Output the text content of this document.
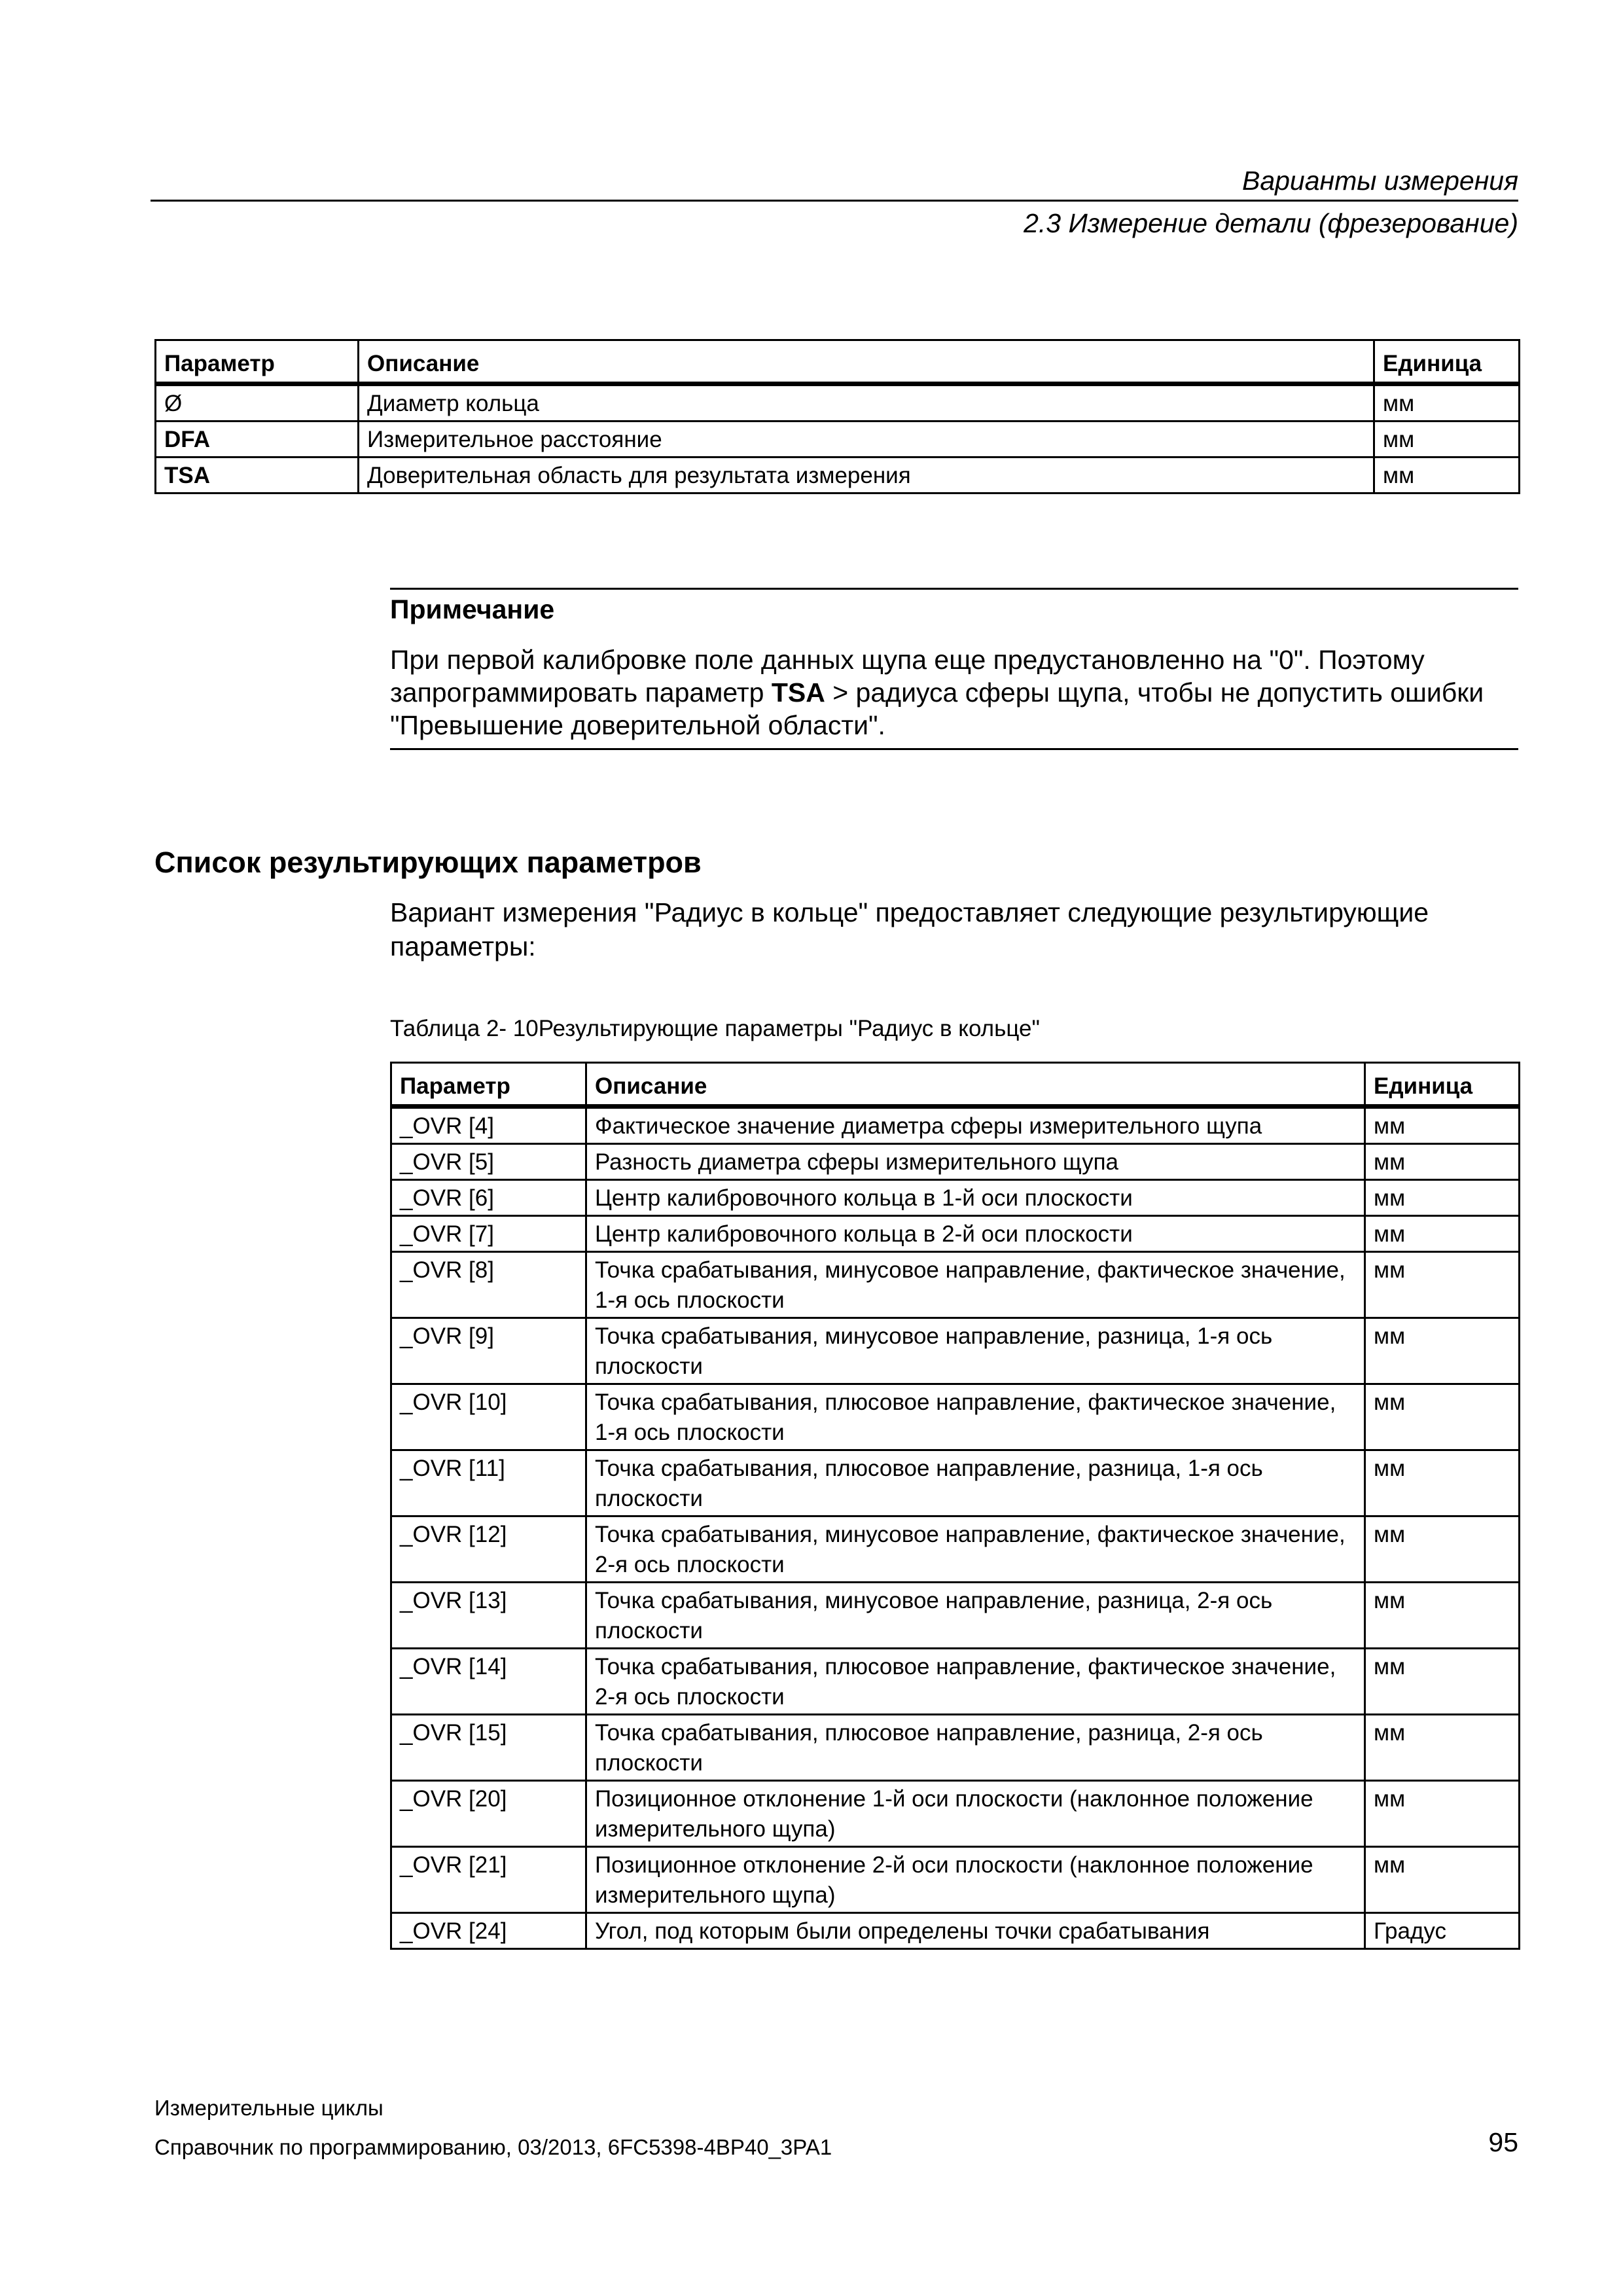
Варианты измерения
2.3 Измерение детали (фрезерование)
Параметр	Описание	Единица
Ø	Диаметр кольца	мм
DFA	Измерительное расстояние	мм
TSA	Доверительная область для результата измерения	мм
Примечание
При первой калибровке поле данных щупа еще предустановленно на "0". Поэтому запрограммировать параметр TSA > радиуса сферы щупа, чтобы не допустить ошибки "Превышение доверительной области".
Список результирующих параметров
Вариант измерения "Радиус в кольце" предоставляет следующие результирующие параметры:
Таблица 2- 10Результирующие параметры "Радиус в кольце"
Параметр	Описание	Единица
_OVR [4]	Фактическое значение диаметра сферы измерительного щупа	мм
_OVR [5]	Разность диаметра сферы измерительного щупа	мм
_OVR [6]	Центр калибровочного кольца в 1-й оси плоскости	мм
_OVR [7]	Центр калибровочного кольца в 2-й оси плоскости	мм
_OVR [8]	Точка срабатывания, минусовое направление, фактическое значение, 1-я ось плоскости	мм
_OVR [9]	Точка срабатывания, минусовое направление, разница, 1-я ось плоскости	мм
_OVR [10]	Точка срабатывания, плюсовое направление, фактическое значение, 1-я ось плоскости	мм
_OVR [11]	Точка срабатывания, плюсовое направление, разница, 1-я ось плоскости	мм
_OVR [12]	Точка срабатывания, минусовое направление, фактическое значение, 2-я ось плоскости	мм
_OVR [13]	Точка срабатывания, минусовое направление, разница, 2-я ось плоскости	мм
_OVR [14]	Точка срабатывания, плюсовое направление, фактическое значение, 2-я ось плоскости	мм
_OVR [15]	Точка срабатывания, плюсовое направление, разница, 2-я ось плоскости	мм
_OVR [20]	Позиционное отклонение 1-й оси плоскости (наклонное положение измерительного щупа)	мм
_OVR [21]	Позиционное отклонение 2-й оси плоскости (наклонное положение измерительного щупа)	мм
_OVR [24]	Угол, под которым были определены точки срабатывания	Градус
Измерительные циклы
Справочник по программированию, 03/2013, 6FC5398-4BP40_3PA1	95
